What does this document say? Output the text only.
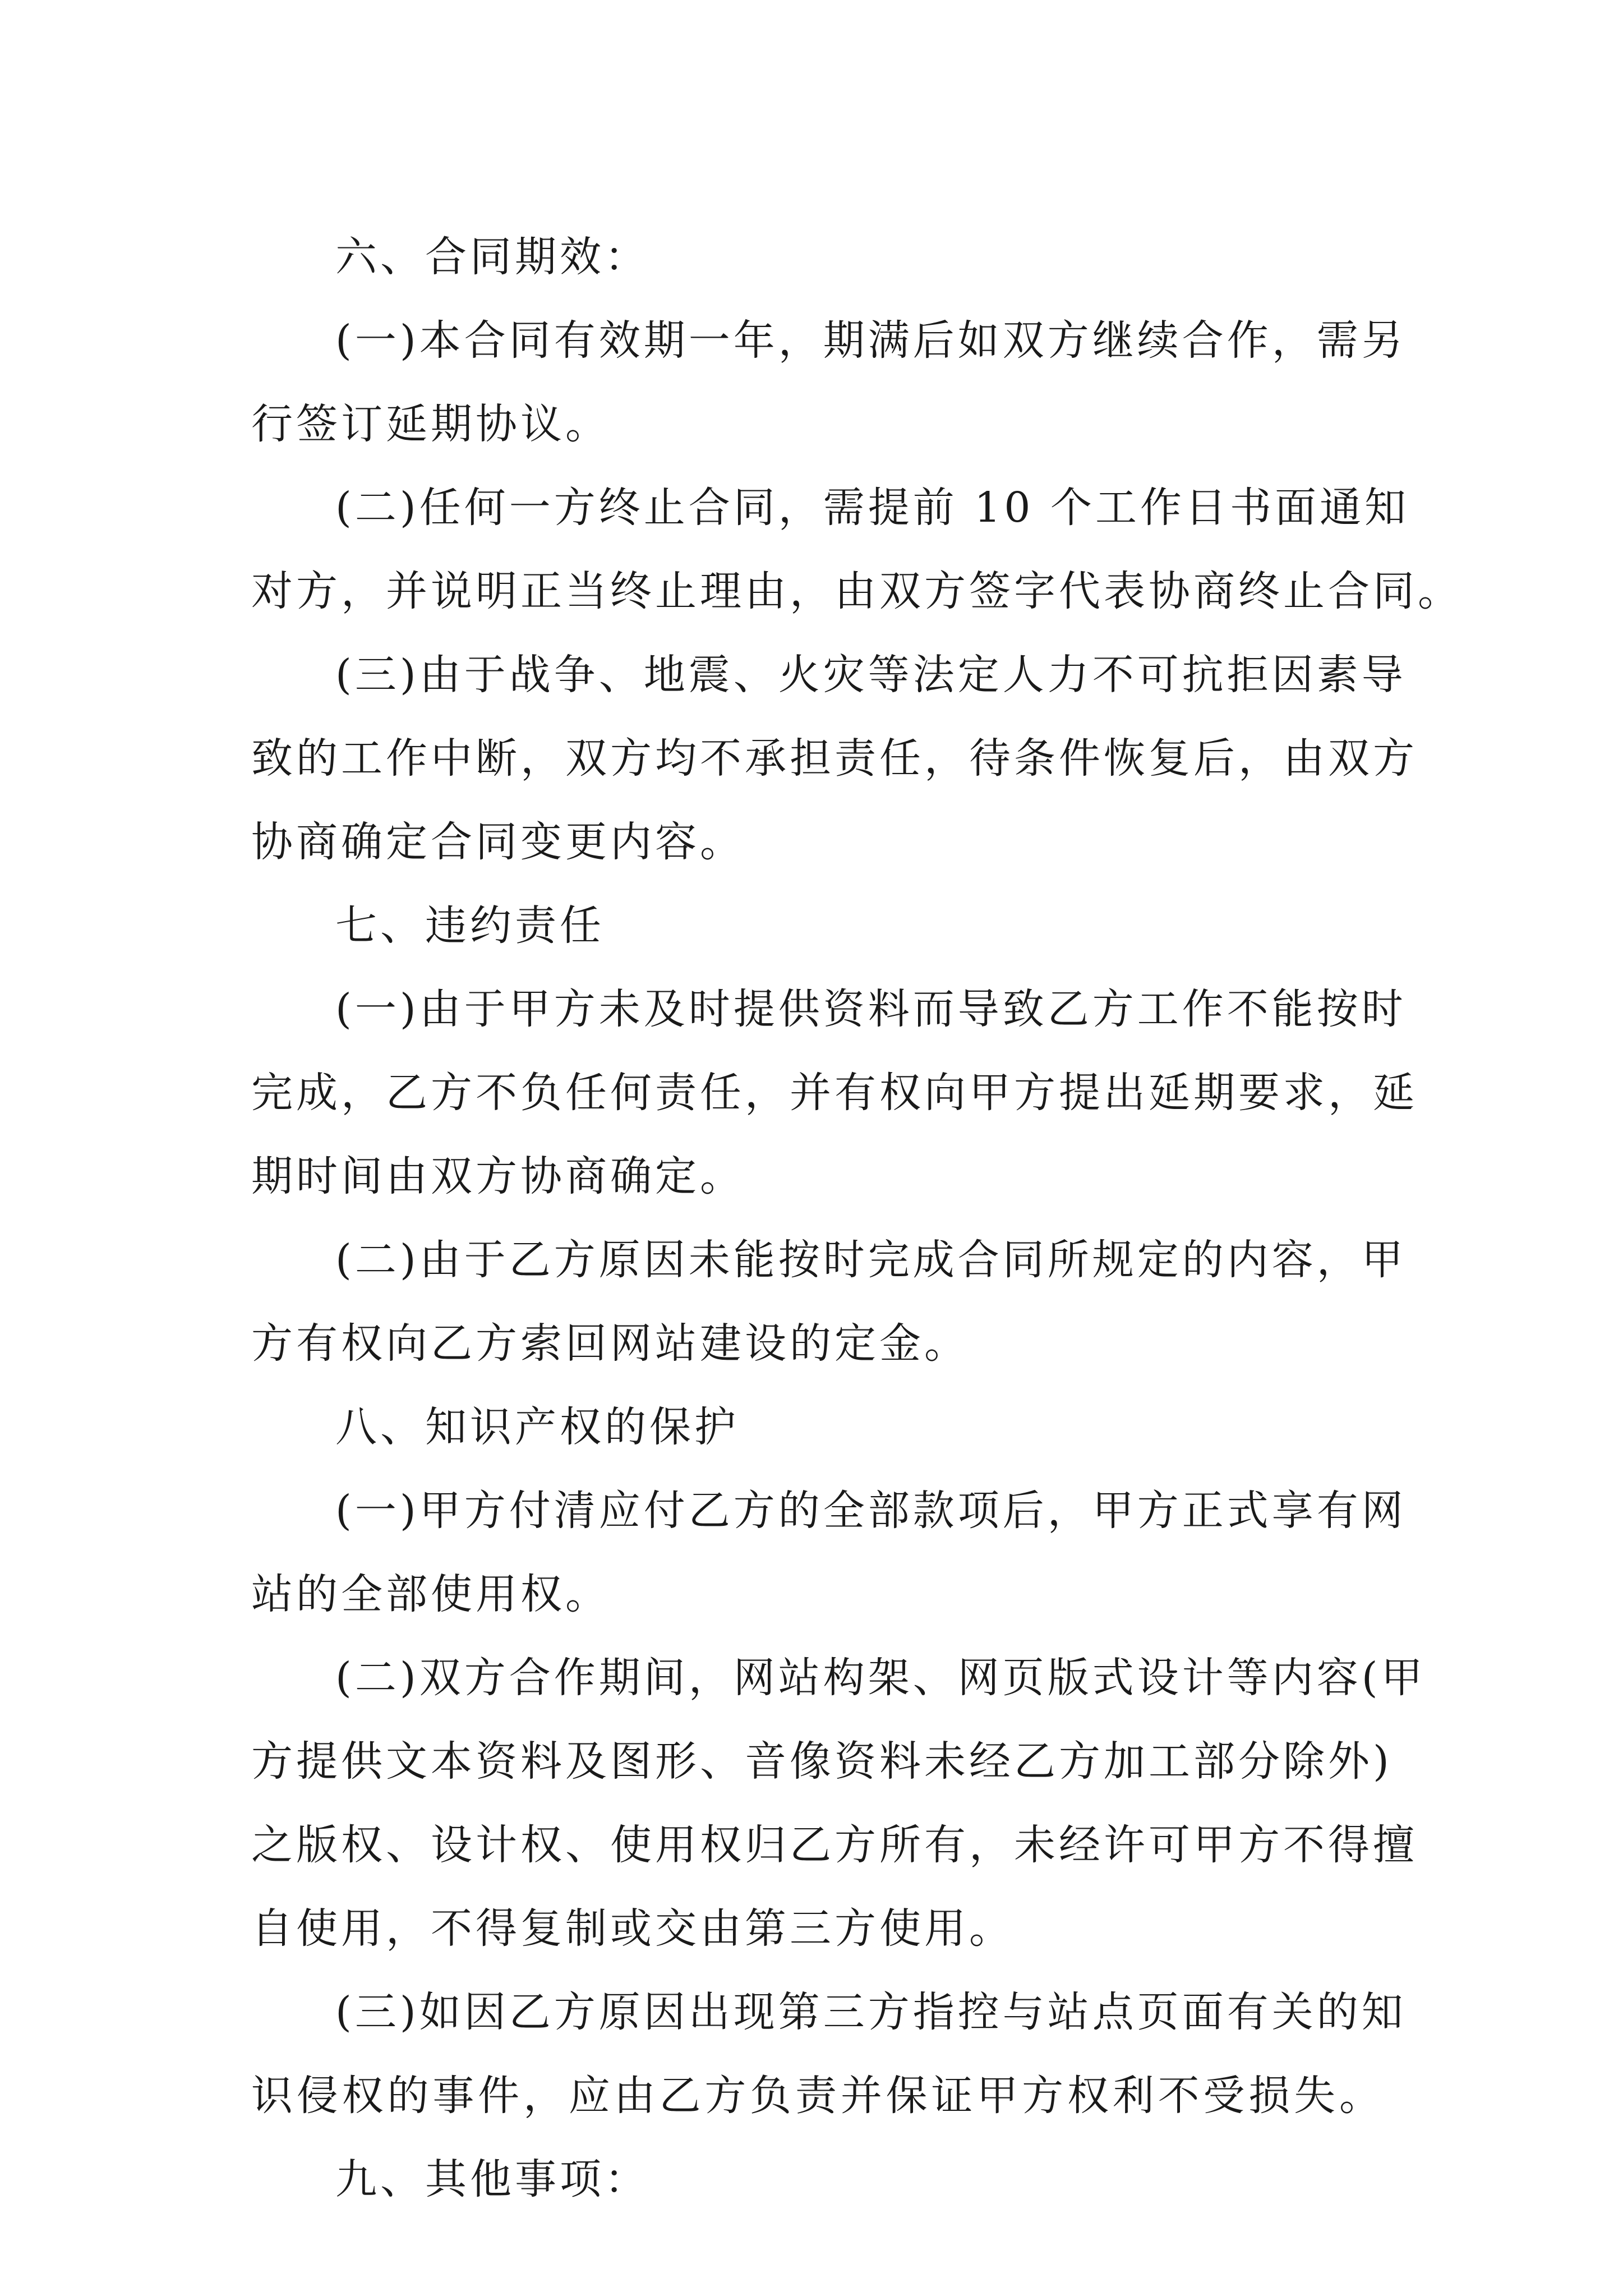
六、合同期效：
(一)本合同有效期一年，期满后如双方继续合作，需另
行签订延期协议。
(二)任何一方终止合同，需提前 10 个工作日书面通知
对方，并说明正当终止理由，由双方签字代表协商终止合同。
(三)由于战争、地震、火灾等法定人力不可抗拒因素导
致的工作中断，双方均不承担责任，待条件恢复后，由双方
协商确定合同变更内容。
七、违约责任
(一)由于甲方未及时提供资料而导致乙方工作不能按时
完成，乙方不负任何责任，并有权向甲方提出延期要求，延
期时间由双方协商确定。
(二)由于乙方原因未能按时完成合同所规定的内容，甲
方有权向乙方索回网站建设的定金。
八、知识产权的保护
(一)甲方付清应付乙方的全部款项后，甲方正式享有网
站的全部使用权。
(二)双方合作期间，网站构架、网页版式设计等内容(甲
方提供文本资料及图形、音像资料未经乙方加工部分除外)
之版权、设计权、使用权归乙方所有，未经许可甲方不得擅
自使用，不得复制或交由第三方使用。
(三)如因乙方原因出现第三方指控与站点页面有关的知
识侵权的事件，应由乙方负责并保证甲方权利不受损失。
九、其他事项：
